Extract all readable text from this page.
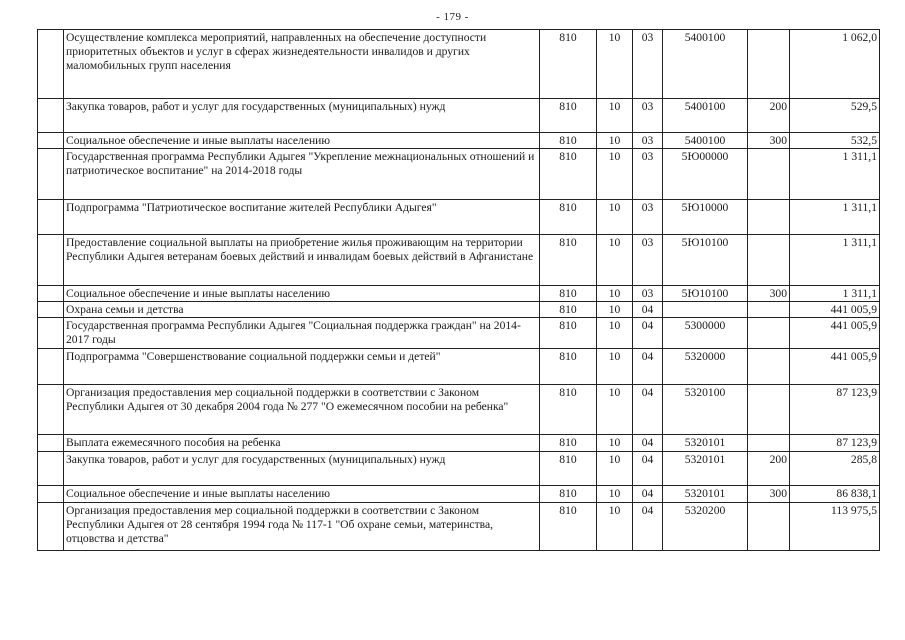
- 179 -
	Осуществление комплекса мероприятий, направленных на обеспечение доступности приоритетных объектов и услуг в сферах жизнедеятельности инвалидов и других маломобильных групп населения	810	10	03	5400100		1 062,0
	Закупка товаров, работ и услуг для государственных (муниципальных) нужд	810	10	03	5400100	200	529,5
	Социальное обеспечение и иные выплаты населению	810	10	03	5400100	300	532,5
	Государственная программа Республики Адыгея "Укрепление межнациональных отношений и патриотическое воспитание" на 2014-2018 годы	810	10	03	5Ю00000		1 311,1
	Подпрограмма "Патриотическое воспитание жителей Республики Адыгея"	810	10	03	5Ю10000		1 311,1
	Предоставление социальной выплаты на приобретение жилья проживающим на территории Республики Адыгея ветеранам боевых действий и инвалидам боевых действий в Афганистане	810	10	03	5Ю10100		1 311,1
	Социальное обеспечение и иные выплаты населению	810	10	03	5Ю10100	300	1 311,1
	Охрана семьи и детства	810	10	04			441 005,9
	Государственная программа Республики Адыгея "Социальная поддержка граждан" на 2014-2017 годы	810	10	04	5300000		441 005,9
	Подпрограмма "Совершенствование социальной поддержки семьи и детей"	810	10	04	5320000		441 005,9
	Организация предоставления мер социальной поддержки в соответствии с Законом Республики Адыгея от 30 декабря 2004 года № 277 "О ежемесячном пособии на ребенка"	810	10	04	5320100		87 123,9
	Выплата ежемесячного пособия на ребенка	810	10	04	5320101		87 123,9
	Закупка товаров, работ и услуг для государственных (муниципальных) нужд	810	10	04	5320101	200	285,8
	Социальное обеспечение и иные выплаты населению	810	10	04	5320101	300	86 838,1
	Организация предоставления мер социальной поддержки в соответствии с Законом Республики Адыгея от 28 сентября 1994 года № 117-1 "Об охране семьи, материнства, отцовства и детства"	810	10	04	5320200		113 975,5
